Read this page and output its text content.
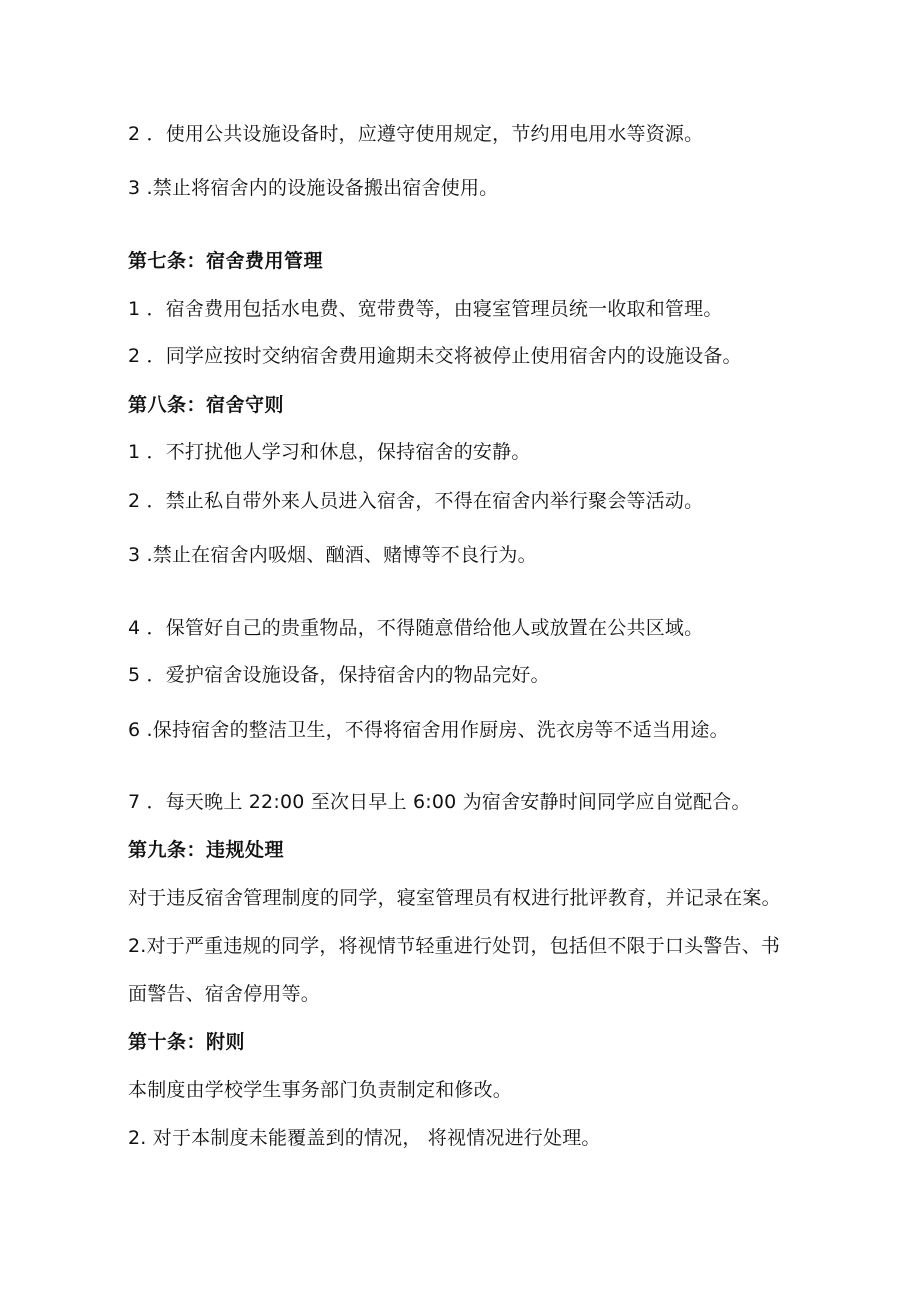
2 ．使用公共设施设备时，应遵守使用规定，节约用电用水等资源。
3 .禁止将宿舍内的设施设备搬出宿舍使用。
第七条：宿舍费用管理
1 ．宿舍费用包括水电费、宽带费等，由寝室管理员统一收取和管理。
2 ．同学应按时交纳宿舍费用逾期未交将被停止使用宿舍内的设施设备。
第八条：宿舍守则
1 ．不打扰他人学习和休息，保持宿舍的安静。
2 ．禁止私自带外来人员进入宿舍，不得在宿舍内举行聚会等活动。
3 .禁止在宿舍内吸烟、酗酒、赌博等不良行为。
4 ．保管好自己的贵重物品，不得随意借给他人或放置在公共区域。
5 ．爱护宿舍设施设备，保持宿舍内的物品完好。
6 .保持宿舍的整洁卫生，不得将宿舍用作厨房、洗衣房等不适当用途。
7 ．每天晚上 22:00 至次日早上 6:00 为宿舍安静时间同学应自觉配合。
第九条：违规处理
对于违反宿舍管理制度的同学，寝室管理员有权进行批评教育，并记录在案。
2.对于严重违规的同学，将视情节轻重进行处罚，包括但不限于口头警告、书
面警告、宿舍停用等。
第十条：附则
本制度由学校学生事务部门负责制定和修改。
2. 对于本制度未能覆盖到的情况， 将视情况进行处理。
